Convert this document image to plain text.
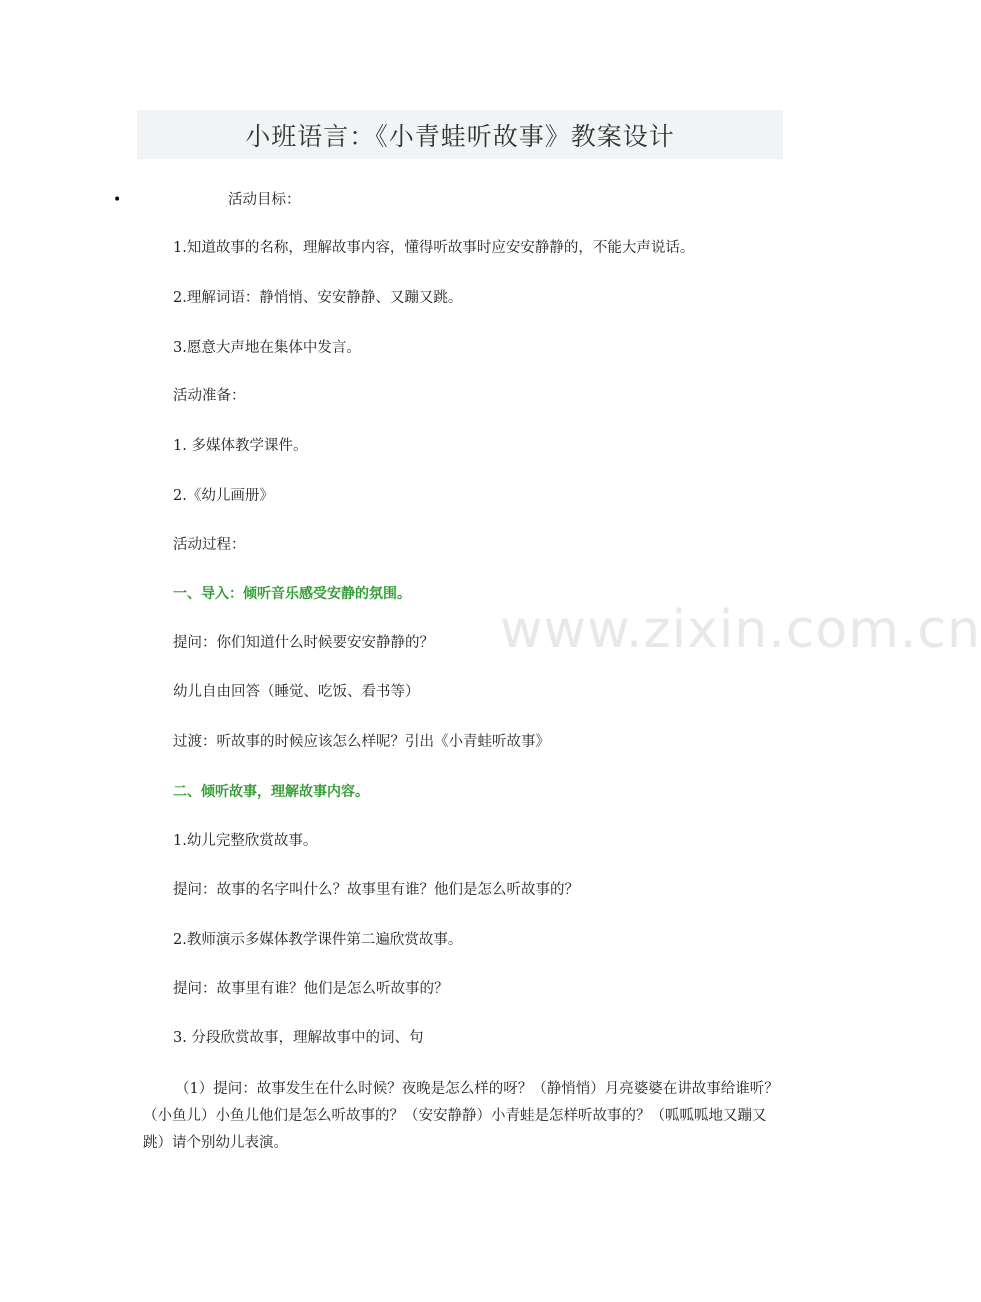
小班语言：《小青蛙听故事》教案设计
www.zixin.com.cn
•	活动目标：
1.知道故事的名称，理解故事内容，懂得听故事时应安安静静的，不能大声说话。
2.理解词语：静悄悄、安安静静、又蹦又跳。
3.愿意大声地在集体中发言。
活动准备：
1. 多媒体教学课件。
2.《幼儿画册》
活动过程：
一、导入：倾听音乐感受安静的氛围。
提问：你们知道什么时候要安安静静的？
幼儿自由回答（睡觉、吃饭、看书等）
过渡：听故事的时候应该怎么样呢？引出《小青蛙听故事》
二、倾听故事，理解故事内容。
1.幼儿完整欣赏故事。
提问：故事的名字叫什么？故事里有谁？他们是怎么听故事的？
2.教师演示多媒体教学课件第二遍欣赏故事。
提问：故事里有谁？他们是怎么听故事的？
3. 分段欣赏故事，理解故事中的词、句

（1）提问：故事发生在什么时候？夜晚是怎么样的呀？（静悄悄）月亮婆婆在讲故事给谁听？（小鱼儿）小鱼儿他们是怎么听故事的？（安安静静）小青蛙是怎样听故事的？（呱呱呱地又蹦又跳）请个别幼儿表演。
